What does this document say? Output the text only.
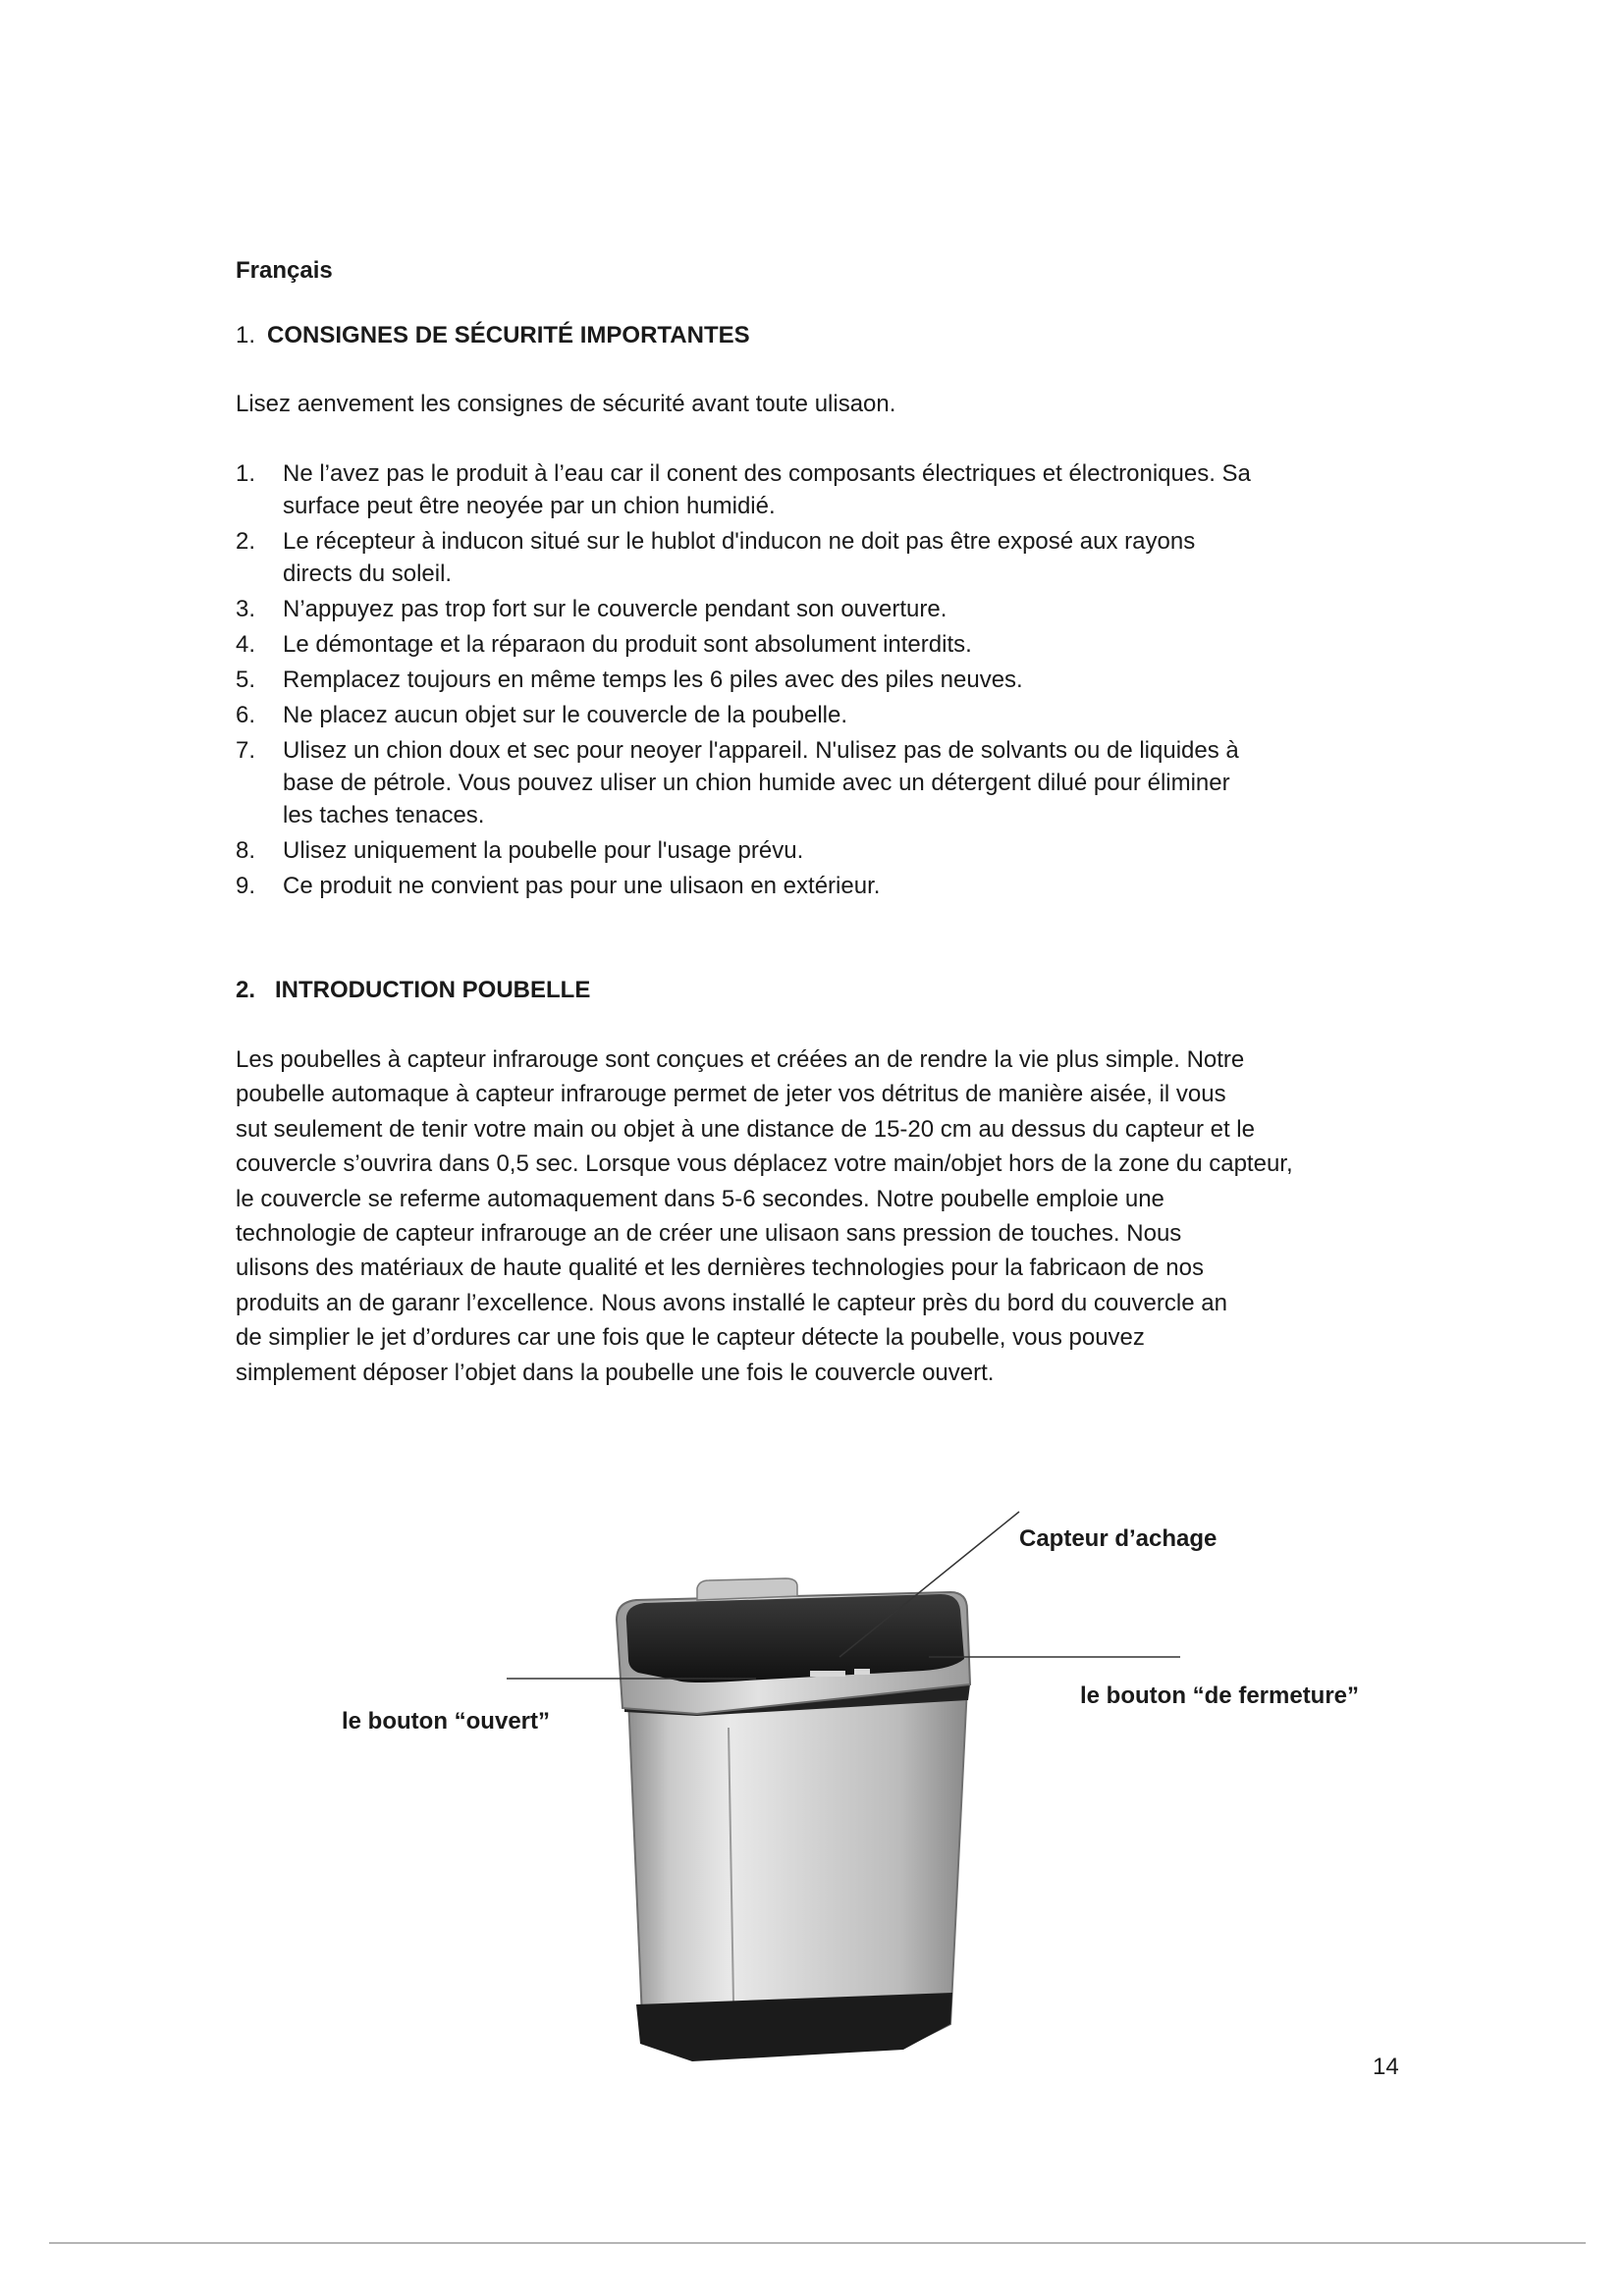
Français
1. CONSIGNES DE SÉCURITÉ IMPORTANTES
Lisez aenvement les consignes de sécurité avant toute ulisaon.
1. Ne l’avez pas le produit à l’eau car il conent des composants électriques et électroniques. Sa
surface peut être neoyée par un chion humidié.
2. Le récepteur à inducon situé sur le hublot d'inducon ne doit pas être exposé aux rayons
directs du soleil.
3. N’appuyez pas trop fort sur le couvercle pendant son ouverture.
4. Le démontage et la réparaon du produit sont absolument interdits.
5. Remplacez toujours en même temps les 6 piles avec des piles neuves.
6. Ne placez aucun objet sur le couvercle de la poubelle.
7. Ulisez un chion doux et sec pour neoyer l'appareil. N'ulisez pas de solvants ou de liquides à
base de pétrole. Vous pouvez uliser un chion humide avec un détergent dilué pour éliminer
les taches tenaces.
8. Ulisez uniquement la poubelle pour l'usage prévu.
9. Ce produit ne convient pas pour une ulisaon en extérieur.
2. INTRODUCTION POUBELLE

Les poubelles à capteur infrarouge sont conçues et créées an de rendre la vie plus simple. Notre
poubelle automaque à capteur infrarouge permet de jeter vos détritus de manière aisée, il vous
sut seulement de tenir votre main ou objet à une distance de 15-20 cm au dessus du capteur et le
couvercle s’ouvrira dans 0,5 sec. Lorsque vous déplacez votre main/objet hors de la zone du capteur,
le couvercle se referme automaquement dans 5-6 secondes. Notre poubelle emploie une
technologie de capteur infrarouge an de créer une ulisaon sans pression de touches. Nous
ulisons des matériaux de haute qualité et les dernières technologies pour la fabricaon de nos
produits an de garanr l’excellence. Nous avons installé le capteur près du bord du couvercle an
de simplier le jet d’ordures car une fois que le capteur détecte la poubelle, vous pouvez
simplement déposer l’objet dans la poubelle une fois le couvercle ouvert.

Capteur d’achage
le bouton “de fermeture”
le bouton “ouvert”
14
